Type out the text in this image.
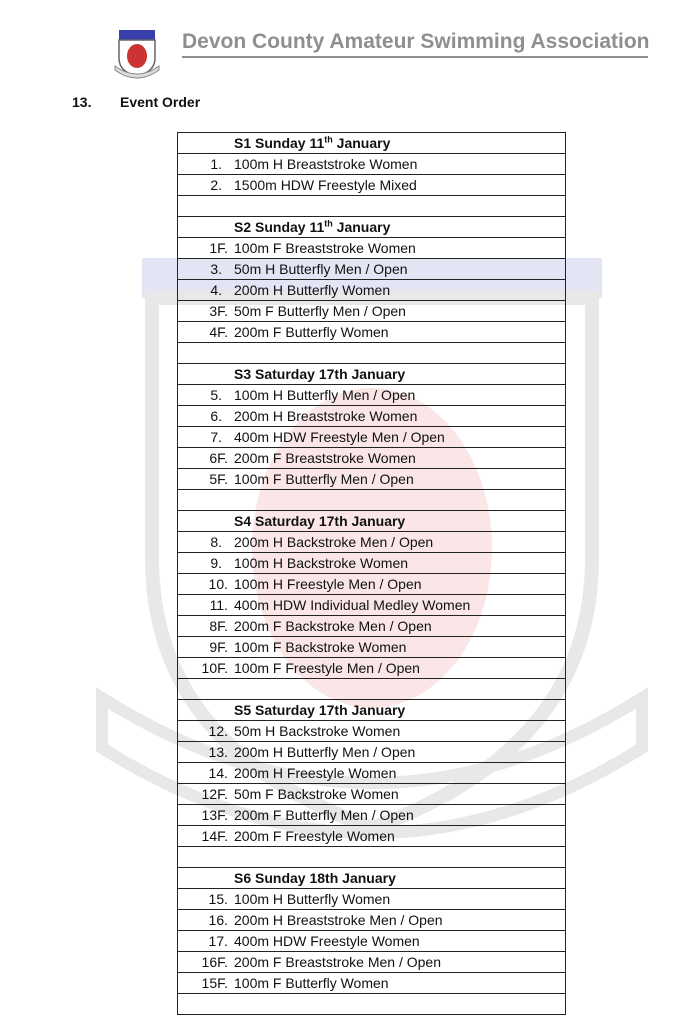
Devon County Amateur Swimming Association
13. Event Order
S1 Sunday 11th January
1. 100m H Breaststroke Women
2. 1500m HDW Freestyle Mixed

S2 Sunday 11th January
1F. 100m F Breaststroke Women
3. 50m H Butterfly Men / Open
4. 200m H Butterfly Women
3F. 50m F Butterfly Men / Open
4F. 200m F Butterfly Women

S3 Saturday 17th January
5. 100m H Butterfly Men / Open
6. 200m H Breaststroke Women
7. 400m HDW Freestyle Men / Open
6F. 200m F Breaststroke Women
5F. 100m F Butterfly Men / Open

S4 Saturday 17th January
8. 200m H Backstroke Men / Open
9. 100m H Backstroke Women
10. 100m H Freestyle Men / Open
11. 400m HDW Individual Medley Women
8F. 200m F Backstroke Men / Open
9F. 100m F Backstroke Women
10F. 100m F Freestyle Men / Open

S5 Saturday 17th January
12. 50m H Backstroke Women
13. 200m H Butterfly Men / Open
14. 200m H Freestyle Women
12F. 50m F Backstroke Women
13F. 200m F Butterfly Men / Open
14F. 200m F Freestyle Women

S6 Sunday 18th January
15. 100m H Butterfly Women
16. 200m H Breaststroke Men / Open
17. 400m HDW Freestyle Women
16F. 200m F Breaststroke Men / Open
15F. 100m F Butterfly Women
